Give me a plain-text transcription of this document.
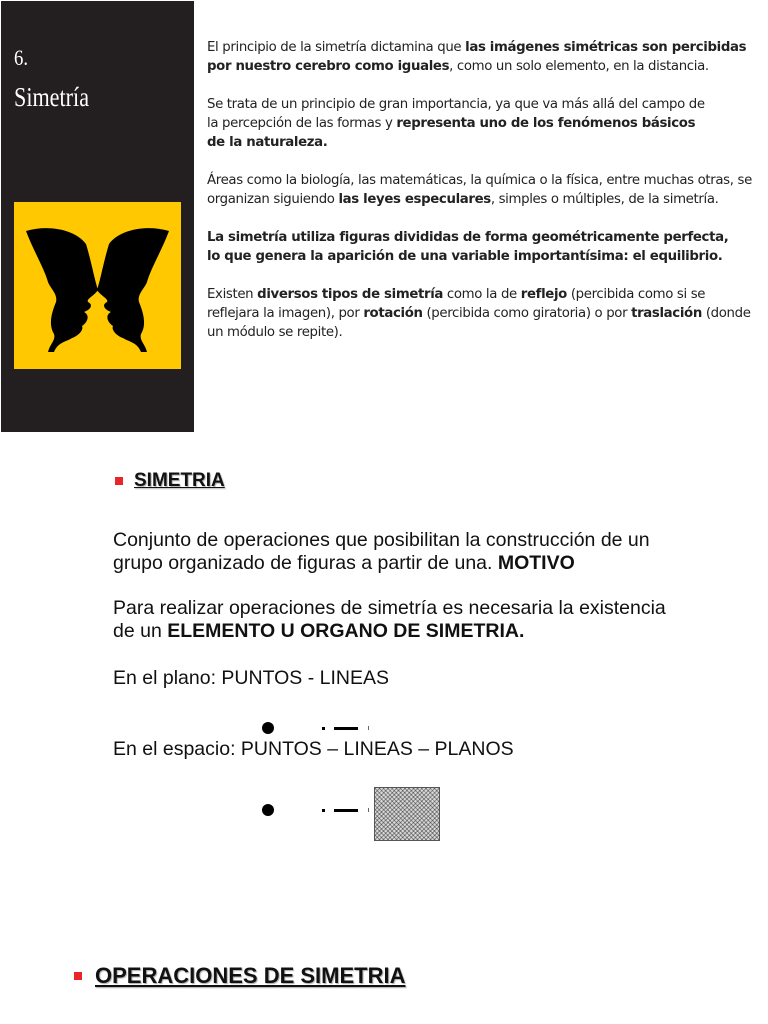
6.
Simetría

El principio de la simetría dictamina que las imágenes simétricas son percibidas por nuestro cerebro como iguales, como un solo elemento, en la distancia.

Se trata de un principio de gran importancia, ya que va más allá del campo de la percepción de las formas y representa uno de los fenómenos básicos de la naturaleza.

Áreas como la biología, las matemáticas, la química o la física, entre muchas otras, se organizan siguiendo las leyes especulares, simples o múltiples, de la simetría.

La simetría utiliza figuras divididas de forma geométricamente perfecta, lo que genera la aparición de una variable importantísima: el equilibrio.

Existen diversos tipos de simetría como la de reflejo (percibida como si se reflejara la imagen), por rotación (percibida como giratoria) o por traslación (donde un módulo se repite).

SIMETRIA
Conjunto de operaciones que posibilitan la construcción de un grupo organizado de figuras a partir de una. MOTIVO
Para realizar operaciones de simetría es necesaria la existencia de un ELEMENTO U ORGANO DE SIMETRIA.
En el plano: PUNTOS - LINEAS
En el espacio: PUNTOS – LINEAS – PLANOS
OPERACIONES DE SIMETRIA
